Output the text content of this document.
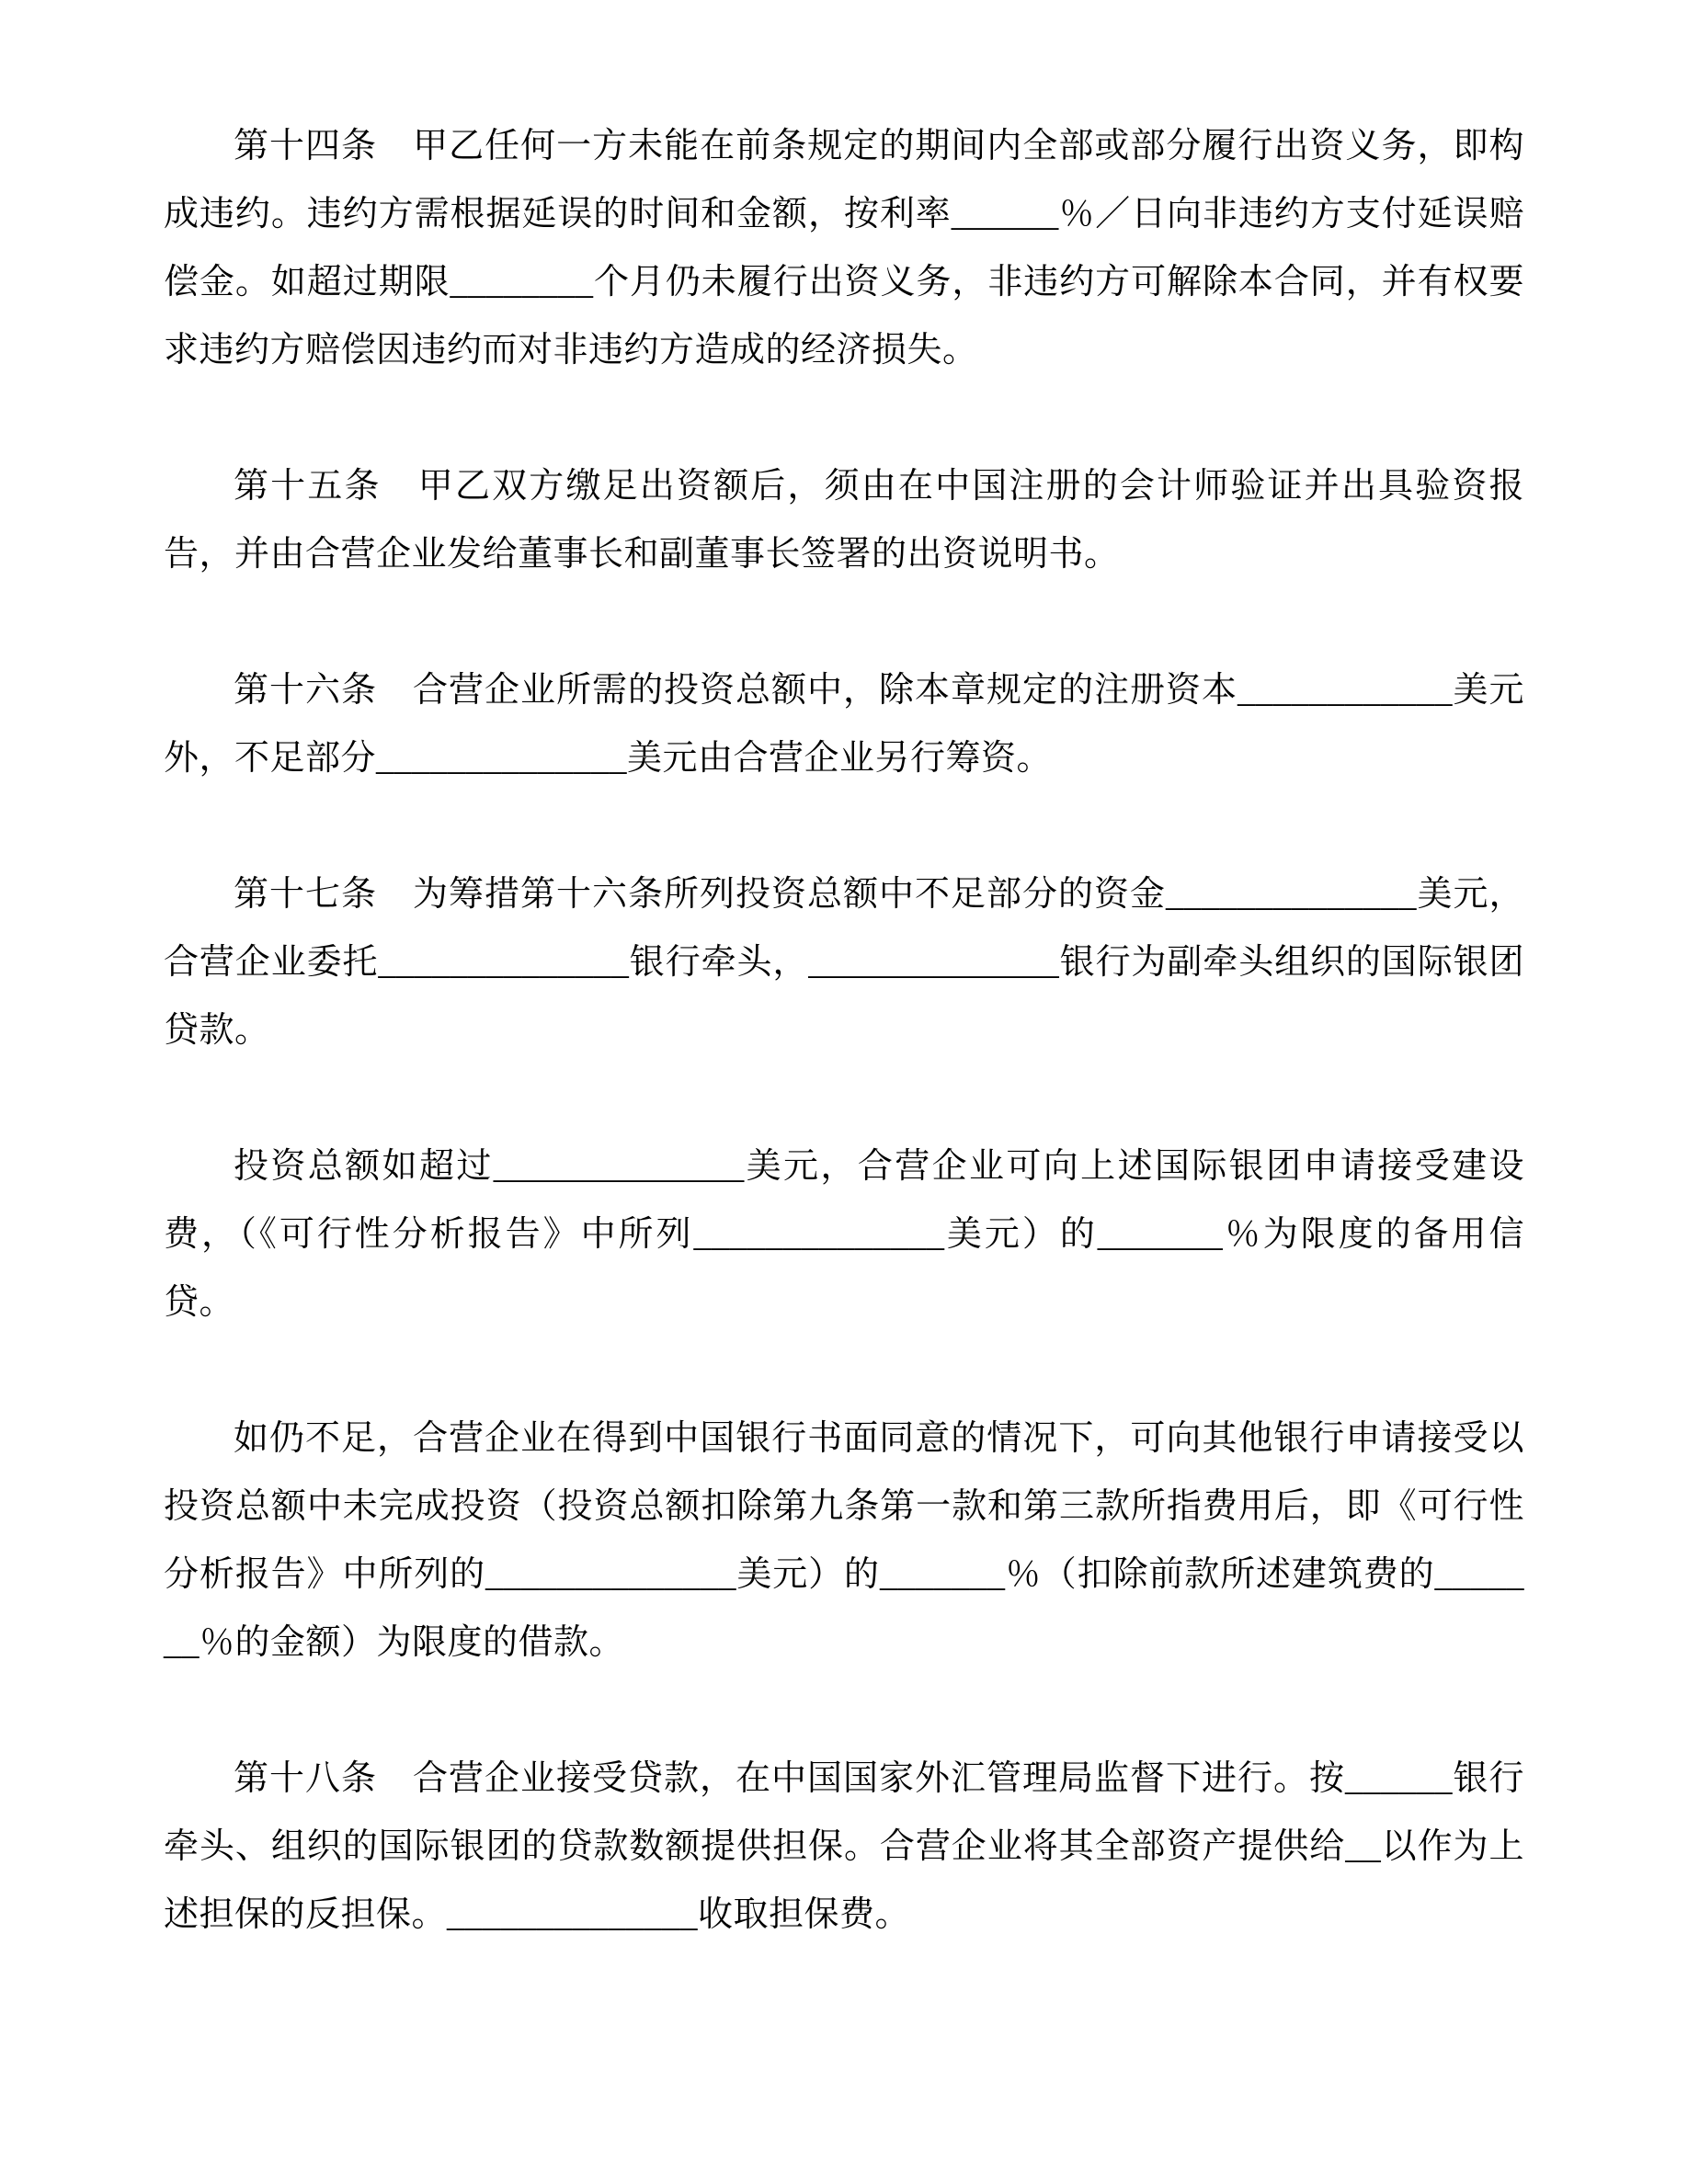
第十四条　甲乙任何一方未能在前条规定的期间内全部或部分履行出资义务，即构成违约。违约方需根据延误的时间和金额，按利率______％／日向非违约方支付延误赔偿金。如超过期限________个月仍未履行出资义务，非违约方可解除本合同，并有权要求违约方赔偿因违约而对非违约方造成的经济损失。

第十五条　甲乙双方缴足出资额后，须由在中国注册的会计师验证并出具验资报告，并由合营企业发给董事长和副董事长签署的出资说明书。

第十六条　合营企业所需的投资总额中，除本章规定的注册资本____________美元外，不足部分______________美元由合营企业另行筹资。

第十七条　为筹措第十六条所列投资总额中不足部分的资金______________美元，合营企业委托______________银行牵头，______________银行为副牵头组织的国际银团贷款。

投资总额如超过______________美元，合营企业可向上述国际银团申请接受建设费，（《可行性分析报告》中所列______________美元）的_______％为限度的备用信贷。

如仍不足，合营企业在得到中国银行书面同意的情况下，可向其他银行申请接受以投资总额中未完成投资（投资总额扣除第九条第一款和第三款所指费用后，即《可行性分析报告》中所列的______________美元）的_______％（扣除前款所述建筑费的_______％的金额）为限度的借款。

第十八条　合营企业接受贷款，在中国国家外汇管理局监督下进行。按______银行牵头、组织的国际银团的贷款数额提供担保。合营企业将其全部资产提供给__以作为上述担保的反担保。______________收取担保费。
